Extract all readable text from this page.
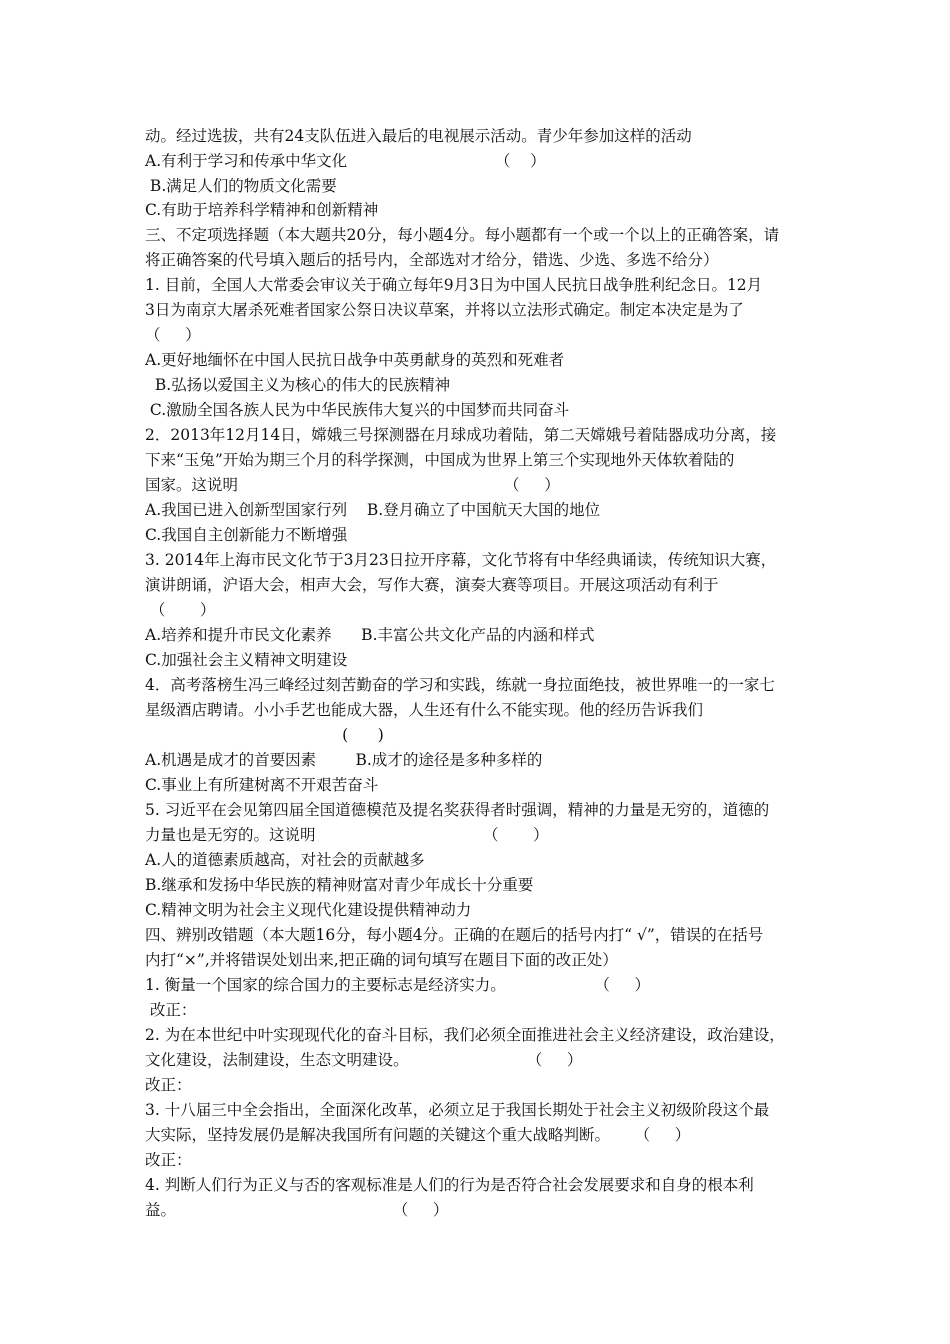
动。经过选拔，共有24支队伍进入最后的电视展示活动。青少年参加这样的活动
A.有利于学习和传承中华文化                              （    ）
B.满足人们的物质文化需要
C.有助于培养科学精神和创新精神
三、不定项选择题（本大题共20分，每小题4分。每小题都有一个或一个以上的正确答案，请
将正确答案的代号填入题后的括号内，全部选对才给分，错选、少选、多选不给分）
1. 目前，全国人大常委会审议关于确立每年9月3日为中国人民抗日战争胜利纪念日。12月
3日为南京大屠杀死难者国家公祭日决议草案，并将以立法形式确定。制定本决定是为了
（     ）
A.更好地缅怀在中国人民抗日战争中英勇献身的英烈和死难者
B.弘扬以爱国主义为核心的伟大的民族精神
C.激励全国各族人民为中华民族伟大复兴的中国梦而共同奋斗
2．2013年12月14日，嫦娥三号探测器在月球成功着陆，第二天嫦娥号着陆器成功分离，接
下来“玉兔”开始为期三个月的科学探测，中国成为世界上第三个实现地外天体软着陆的
国家。这说明                                                      （     ）
A.我国已进入创新型国家行列    B.登月确立了中国航天大国的地位
C.我国自主创新能力不断增强
3. 2014年上海市民文化节于3月23日拉开序幕，文化节将有中华经典诵读，传统知识大赛，
演讲朗诵，沪语大会，相声大会，写作大赛，演奏大赛等项目。开展这项活动有利于
（       ）
A.培养和提升市民文化素养      B.丰富公共文化产品的内涵和样式
C.加强社会主义精神文明建设
4．高考落榜生冯三峰经过刻苦勤奋的学习和实践，练就一身拉面绝技，被世界唯一的一家七
星级酒店聘请。小小手艺也能成大器，人生还有什么不能实现。他的经历告诉我们
(      )
A.机遇是成才的首要因素        B.成才的途径是多种多样的
C.事业上有所建树离不开艰苦奋斗
5. 习近平在会见第四届全国道德模范及提名奖获得者时强调，精神的力量是无穷的，道德的
力量也是无穷的。这说明                                  （       ）
A.人的道德素质越高，对社会的贡献越多
B.继承和发扬中华民族的精神财富对青少年成长十分重要
C.精神文明为社会主义现代化建设提供精神动力
四、辨别改错题（本大题16分，每小题4分。正确的在题后的括号内打“ √”，错误的在括号
内打“×”,并将错误处划出来,把正确的词句填写在题目下面的改正处）
1. 衡量一个国家的综合国力的主要标志是经济实力。                  （     ）
改正：
2. 为在本世纪中叶实现现代化的奋斗目标，我们必须全面推进社会主义经济建设，政治建设，
文化建设，法制建设，生态文明建设。                        （     ）
改正：
3. 十八届三中全会指出，全面深化改革，必须立足于我国长期处于社会主义初级阶段这个最
大实际，坚持发展仍是解决我国所有问题的关键这个重大战略判断。     （     ）
改正：
4. 判断人们行为正义与否的客观标准是人们的行为是否符合社会发展要求和自身的根本利
益。                                            （     ）
